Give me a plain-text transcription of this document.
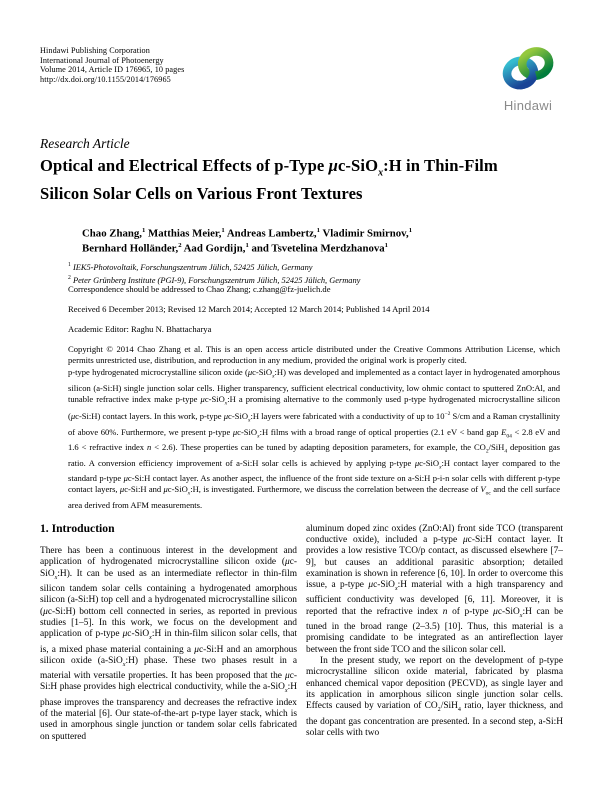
Hindawi Publishing Corporation
International Journal of Photoenergy
Volume 2014, Article ID 176965, 10 pages
http://dx.doi.org/10.1155/2014/176965
Hindawi
Research Article
Optical and Electrical Effects of p-Type μc-SiO$_x$:H in Thin-Film
Silicon Solar Cells on Various Front Textures
Chao Zhang,$^1$ Matthias Meier,$^1$ Andreas Lambertz,$^1$ Vladimir Smirnov,$^1$
Bernhard Holländer,$^2$ Aad Gordijn,$^1$ and Tsvetelina Merdzhanova$^1$
$^1$ IEK5-Photovoltaik, Forschungszentrum Jülich, 52425 Jülich, Germany
$^2$ Peter Grünberg Institute (PGI-9), Forschungszentrum Jülich, 52425 Jülich, Germany
Correspondence should be addressed to Chao Zhang; c.zhang@fz-juelich.de
Received 6 December 2013; Revised 12 March 2014; Accepted 12 March 2014; Published 14 April 2014
Academic Editor: Raghu N. Bhattacharya
Copyright © 2014 Chao Zhang et al. This is an open access article distributed under the Creative Commons Attribution License, which permits unrestricted use, distribution, and reproduction in any medium, provided the original work is properly cited.
p-type hydrogenated microcrystalline silicon oxide (μc-SiO$_x$:H) was developed and implemented as a contact layer in hydrogenated amorphous silicon (a-Si:H) single junction solar cells. Higher transparency, sufficient electrical conductivity, low ohmic contact to sputtered ZnO:Al, and tunable refractive index make p-type μc-SiO$_x$:H a promising alternative to the commonly used p-type hydrogenated microcrystalline silicon (μc-Si:H) contact layers. In this work, p-type μc-SiO$_x$:H layers were fabricated with a conductivity of up to $10^{-2}$ S/cm and a Raman crystallinity of above 60%. Furthermore, we present p-type μc-SiO$_x$:H films with a broad range of optical properties (2.1 eV < band gap $E_{04} < 2.8$ eV and 1.6 < refractive index n < 2.6). These properties can be tuned by adapting deposition parameters, for example, the $CO_2/SiH_4$ deposition gas ratio. A conversion efficiency improvement of a-Si:H solar cells is achieved by applying p-type μc-SiO$_x$:H contact layer compared to the standard p-type μc-Si:H contact layer. As another aspect, the influence of the front side texture on a-Si:H p-i-n solar cells with different p-type contact layers, μc-Si:H and μc-SiO$_x$:H, is investigated. Furthermore, we discuss the correlation between the decrease of $V_{oc}$ and the cell surface area derived from AFM measurements.
1. Introduction
There has been a continuous interest in the development and application of hydrogenated microcrystalline silicon oxide (μc-SiO$_x$:H). It can be used as an intermediate reflector in thin-film silicon tandem solar cells containing a hydrogenated amorphous silicon (a-Si:H) top cell and a hydrogenated microcrystalline silicon (μc-Si:H) bottom cell connected in series, as reported in previous studies [1–5]. In this work, we focus on the development and application of p-type μc-SiO$_x$:H in thin-film silicon solar cells, that is, a mixed phase material containing a μc-Si:H and an amorphous silicon oxide (a-SiO$_x$:H) phase. These two phases result in a material with versatile properties. It has been proposed that the μc-Si:H phase provides high electrical conductivity, while the a-SiO$_x$:H phase improves the transparency and decreases the refractive index of the material [6]. Our state-of-the-art p-type layer stack, which is used in amorphous single junction or tandem solar cells fabricated on sputtered
aluminum doped zinc oxides (ZnO:Al) front side TCO (transparent conductive oxide), included a p-type μc-Si:H contact layer. It provides a low resistive TCO/p contact, as discussed elsewhere [7–9], but causes an additional parasitic absorption; detailed examination is shown in reference [6, 10]. In order to overcome this issue, a p-type μc-SiO$_x$:H material with a high transparency and sufficient conductivity was developed [6, 11]. Moreover, it is reported that the refractive index n of p-type μc-SiO$_x$:H can be tuned in the broad range (2–3.5) [10]. Thus, this material is a promising candidate to be integrated as an antireflection layer between the front side TCO and the silicon solar cell.
In the present study, we report on the development of p-type microcrystalline silicon oxide material, fabricated by plasma enhanced chemical vapor deposition (PECVD), as single layer and its application in amorphous silicon single junction solar cells. Effects caused by variation of $CO_2/SiH_4$ ratio, layer thickness, and the dopant gas concentration are presented. In a second step, a-Si:H solar cells with two
